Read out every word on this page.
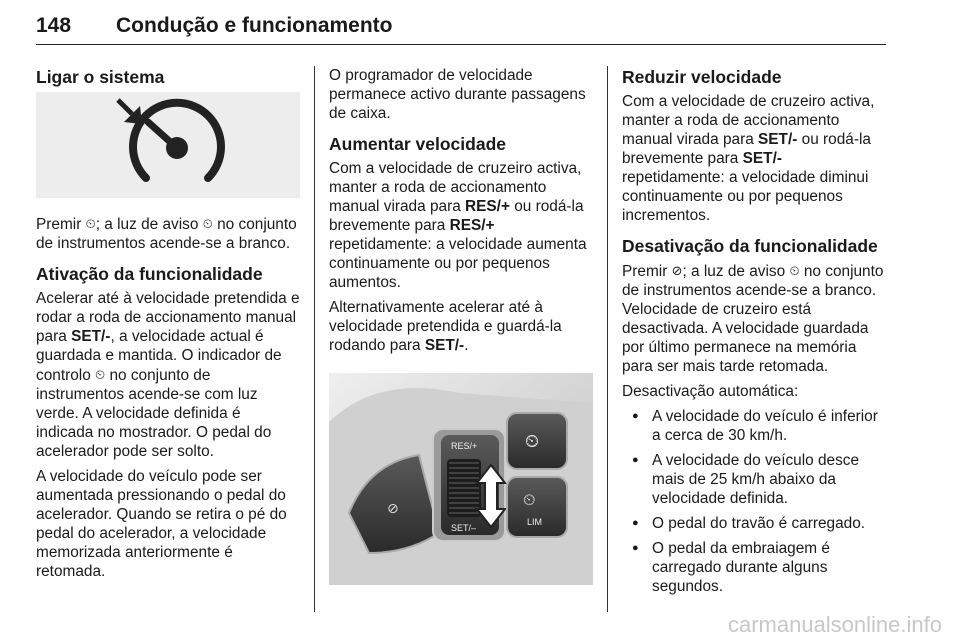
148 Condução e funcionamento
Ligar o sistema

Premir ⏲; a luz de aviso ⏲ no conjunto de instrumentos acende-se a branco.

Ativação da funcionalidade

Acelerar até à velocidade pretendida e rodar a roda de accionamento manual para SET/-, a velocidade actual é guardada e mantida. O indicador de controlo ⏲ no conjunto de instrumentos acende-se com luz verde. A velocidade definida é indicada no mostrador. O pedal do acelerador pode ser solto.

A velocidade do veículo pode ser aumentada pressionando o pedal do acelerador. Quando se retira o pé do pedal do acelerador, a velocidade memorizada anteriormente é retomada.

O programador de velocidade permanece activo durante passagens de caixa.

Aumentar velocidade

Com a velocidade de cruzeiro activa, manter a roda de accionamento manual virada para RES/+ ou rodá-la brevemente para RES/+ repetidamente: a velocidade aumenta continuamente ou por pequenos aumentos.

Alternativamente acelerar até à velocidade pretendida e guardá-la rodando para SET/-.

⊘
RES/+
SET/–
⏲
⏲
LIM
Reduzir velocidade

Com a velocidade de cruzeiro activa, manter a roda de accionamento manual virada para SET/- ou rodá-la brevemente para SET/- repetidamente: a velocidade diminui continuamente ou por pequenos incrementos.

Desativação da funcionalidade

Premir ⊘; a luz de aviso ⏲ no conjunto de instrumentos acende-se a branco. Velocidade de cruzeiro está desactivada. A velocidade guardada por último permanece na memória para ser mais tarde retomada.

Desactivação automática:

● A velocidade do veículo é inferior a cerca de 30 km/h.
● A velocidade do veículo desce mais de 25 km/h abaixo da velocidade definida.
● O pedal do travão é carregado.
● O pedal da embraiagem é carregado durante alguns segundos.
carmanualsonline.info
